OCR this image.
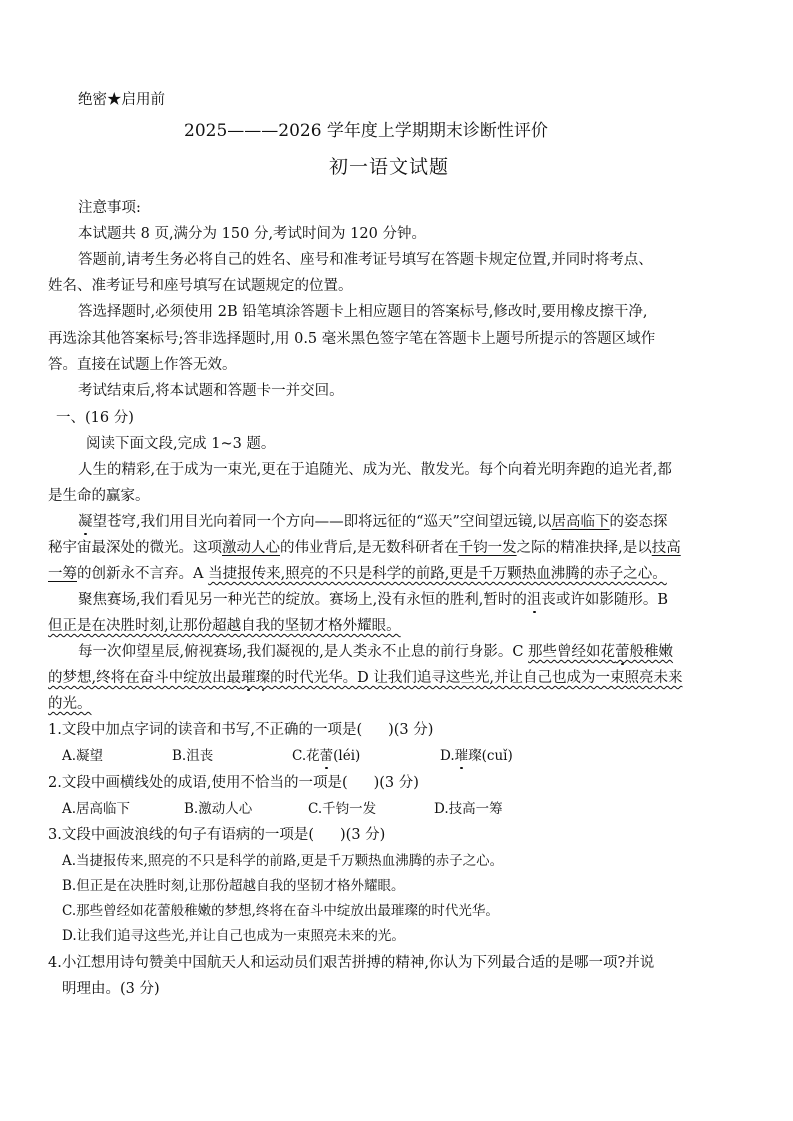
绝密★启用前
2025———2026 学年度上学期期末诊断性评价
初一语文试题
注意事项:
本试题共 8 页,满分为 150 分,考试时间为 120 分钟。
答题前,请考生务必将自己的姓名、座号和准考证号填写在答题卡规定位置,并同时将考点、
姓名、准考证号和座号填写在试题规定的位置。
答选择题时,必须使用 2B 铅笔填涂答题卡上相应题目的答案标号,修改时,要用橡皮擦干净,
再选涂其他答案标号;答非选择题时,用 0.5 毫米黑色签字笔在答题卡上题号所提示的答题区域作
答。直接在试题上作答无效。
考试结束后,将本试题和答题卡一并交回。
一、(16 分)
阅读下面文段,完成 1~3 题。
人生的精彩,在于成为一束光,更在于追随光、成为光、散发光。每个向着光明奔跑的追光者,都
是生命的赢家。
凝望苍穹,我们用目光向着同一个方向——即将远征的“巡天”空间望远镜,以居高临下的姿态探
秘宇宙最深处的微光。这项激动人心的伟业背后,是无数科研者在千钧一发之际的精准抉择,是以技高
一筹的创新永不言弃。A 当捷报传来,照亮的不只是科学的前路,更是千万颗热血沸腾的赤子之心。
聚焦赛场,我们看见另一种光芒的绽放。赛场上,没有永恒的胜利,暂时的沮丧或许如影随形。B
但正是在决胜时刻,让那份超越自我的坚韧才格外耀眼。
每一次仰望星辰,俯视赛场,我们凝视的,是人类永不止息的前行身影。C 那些曾经如花蕾般稚嫩
的梦想,终将在奋斗中绽放出最璀璨的时代光华。D 让我们追寻这些光,并让自己也成为一束照亮未来
的光。
1.文段中加点字词的读音和书写,不正确的一项是( )(3 分)
A.凝望	B.沮丧	C.花蕾(léi)	D.璀璨(cuǐ)
2.文段中画横线处的成语,使用不恰当的一项是( )(3 分)
A.居高临下	B.激动人心	C.千钧一发	D.技高一筹
3.文段中画波浪线的句子有语病的一项是( )(3 分)
A.当捷报传来,照亮的不只是科学的前路,更是千万颗热血沸腾的赤子之心。
B.但正是在决胜时刻,让那份超越自我的坚韧才格外耀眼。
C.那些曾经如花蕾般稚嫩的梦想,终将在奋斗中绽放出最璀璨的时代光华。
D.让我们追寻这些光,并让自己也成为一束照亮未来的光。
4.小江想用诗句赞美中国航天人和运动员们艰苦拼搏的精神,你认为下列最合适的是哪一项?并说
明理由。(3 分)
